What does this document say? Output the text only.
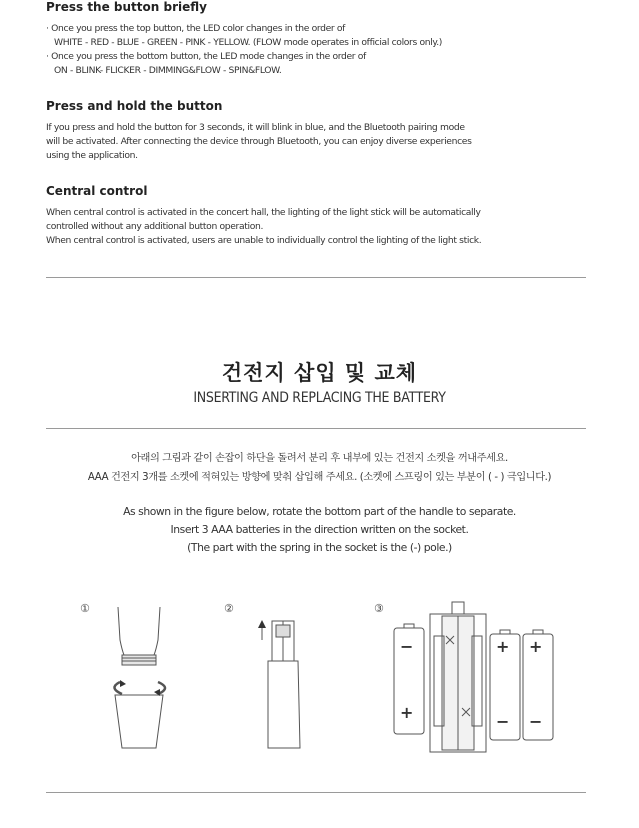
Press the button briefly
· Once you press the top button, the LED color changes in the order of
WHITE - RED - BLUE - GREEN - PINK - YELLOW. (FLOW mode operates in official colors only.)
· Once you press the bottom button, the LED mode changes in the order of
ON - BLINK- FLICKER - DIMMING&FLOW - SPIN&FLOW.
Press and hold the button
If you press and hold the button for 3 seconds, it will blink in blue, and the Bluetooth pairing mode
will be activated. After connecting the device through Bluetooth, you can enjoy diverse experiences
using the application.
Central control
When central control is activated in the concert hall, the lighting of the light stick will be automatically
controlled without any additional button operation.
When central control is activated, users are unable to individually control the lighting of the light stick.
건전지 삽입 및 교체
INSERTING AND REPLACING THE BATTERY
아래의 그림과 같이 손잡이 하단을 돌려서 분리 후 내부에 있는 건전지 소켓을 꺼내주세요.
AAA 건전지 3개를 소켓에 적혀있는 방향에 맞춰 삽입해 주세요. (소켓에 스프링이 있는 부분이 ( - ) 극입니다.)
As shown in the figure below, rotate the bottom part of the handle to separate.
Insert 3 AAA batteries in the direction written on the socket.
(The part with the spring in the socket is the (-) pole.)
①	②	③
−
+
+
−
+
−
